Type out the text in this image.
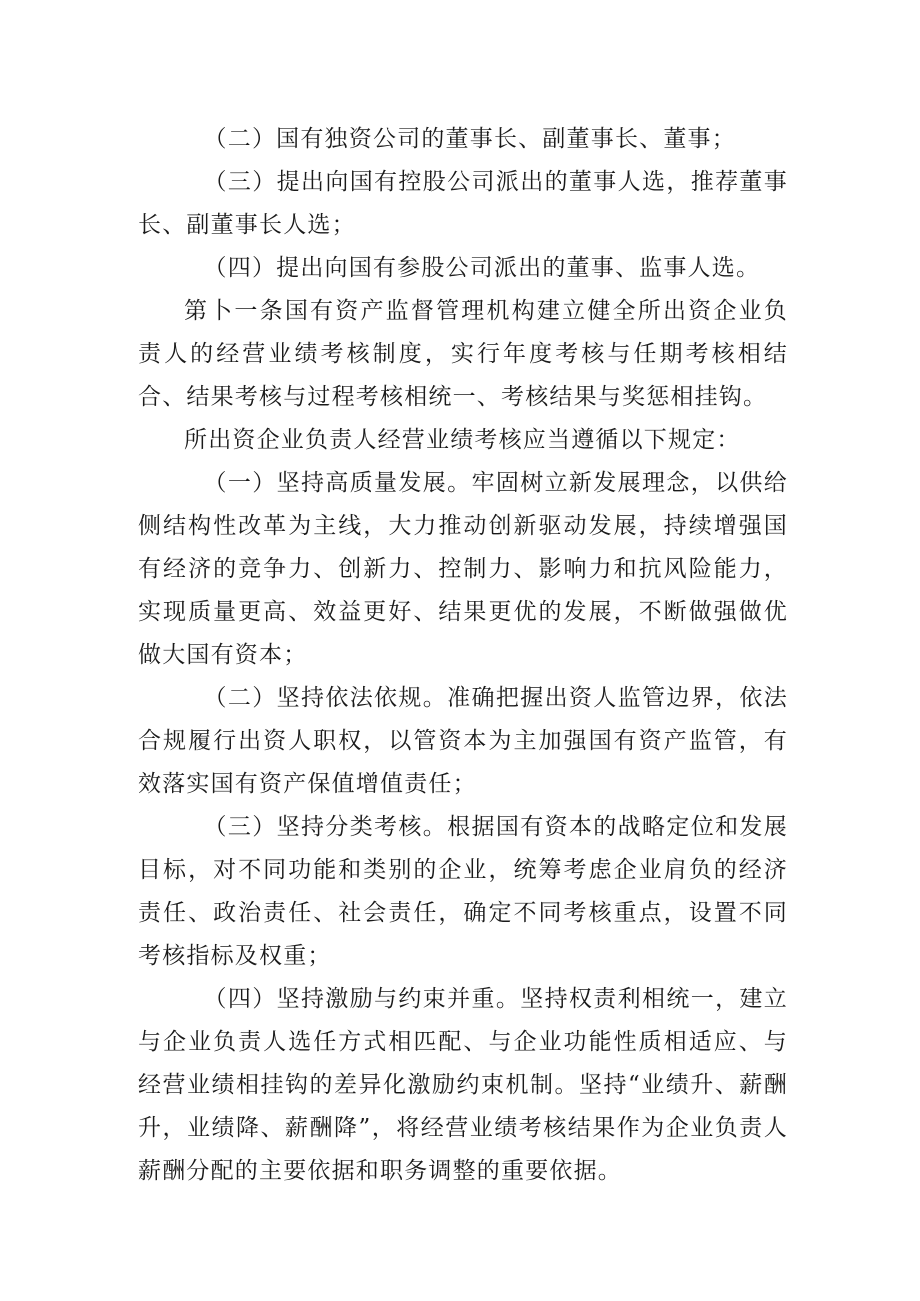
（二）国有独资公司的董事长、副董事长、董事；

（三）提出向国有控股公司派出的董事人选，推荐董事长、副董事长人选；

（四）提出向国有参股公司派出的董事、监事人选。

第卜一条国有资产监督管理机构建立健全所出资企业负责人的经营业绩考核制度，实行年度考核与任期考核相结合、结果考核与过程考核相统一、考核结果与奖惩相挂钩。

所出资企业负责人经营业绩考核应当遵循以下规定：

（一）坚持高质量发展。牢固树立新发展理念，以供给侧结构性改革为主线，大力推动创新驱动发展，持续增强国有经济的竞争力、创新力、控制力、影响力和抗风险能力，实现质量更高、效益更好、结果更优的发展，不断做强做优做大国有资本；

（二）坚持依法依规。准确把握出资人监管边界，依法合规履行出资人职权，以管资本为主加强国有资产监管，有效落实国有资产保值增值责任；

（三）坚持分类考核。根据国有资本的战略定位和发展目标，对不同功能和类别的企业，统筹考虑企业肩负的经济责任、政治责任、社会责任，确定不同考核重点，设置不同考核指标及权重；

（四）坚持激励与约束并重。坚持权责利相统一，建立与企业负责人选任方式相匹配、与企业功能性质相适应、与经营业绩相挂钩的差异化激励约束机制。坚持“业绩升、薪酬升，业绩降、薪酬降”，将经营业绩考核结果作为企业负责人薪酬分配的主要依据和职务调整的重要依据。
